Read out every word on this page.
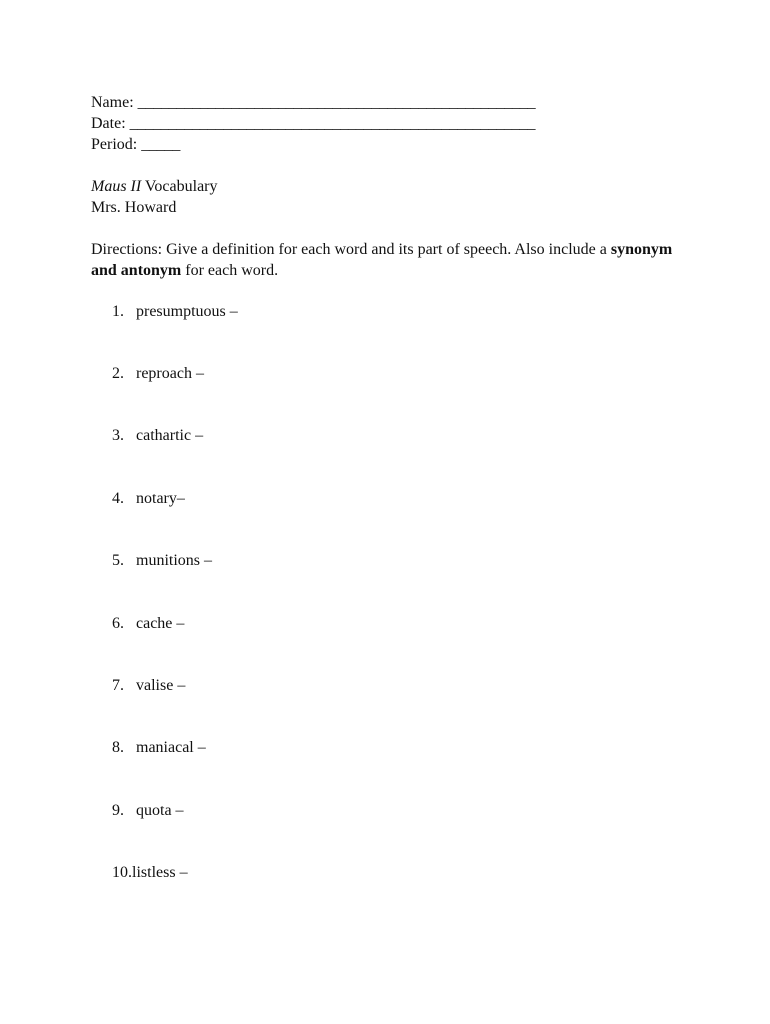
Name: ___________________________________________________
Date: ____________________________________________________
Period: _____
Maus II Vocabulary
Mrs. Howard
Directions: Give a definition for each word and its part of speech. Also include a synonym and antonym for each word.
1. presumptuous –
2. reproach –
3. cathartic –
4. notary–
5. munitions –
6. cache –
7. valise –
8. maniacal –
9. quota –
10.listless –
